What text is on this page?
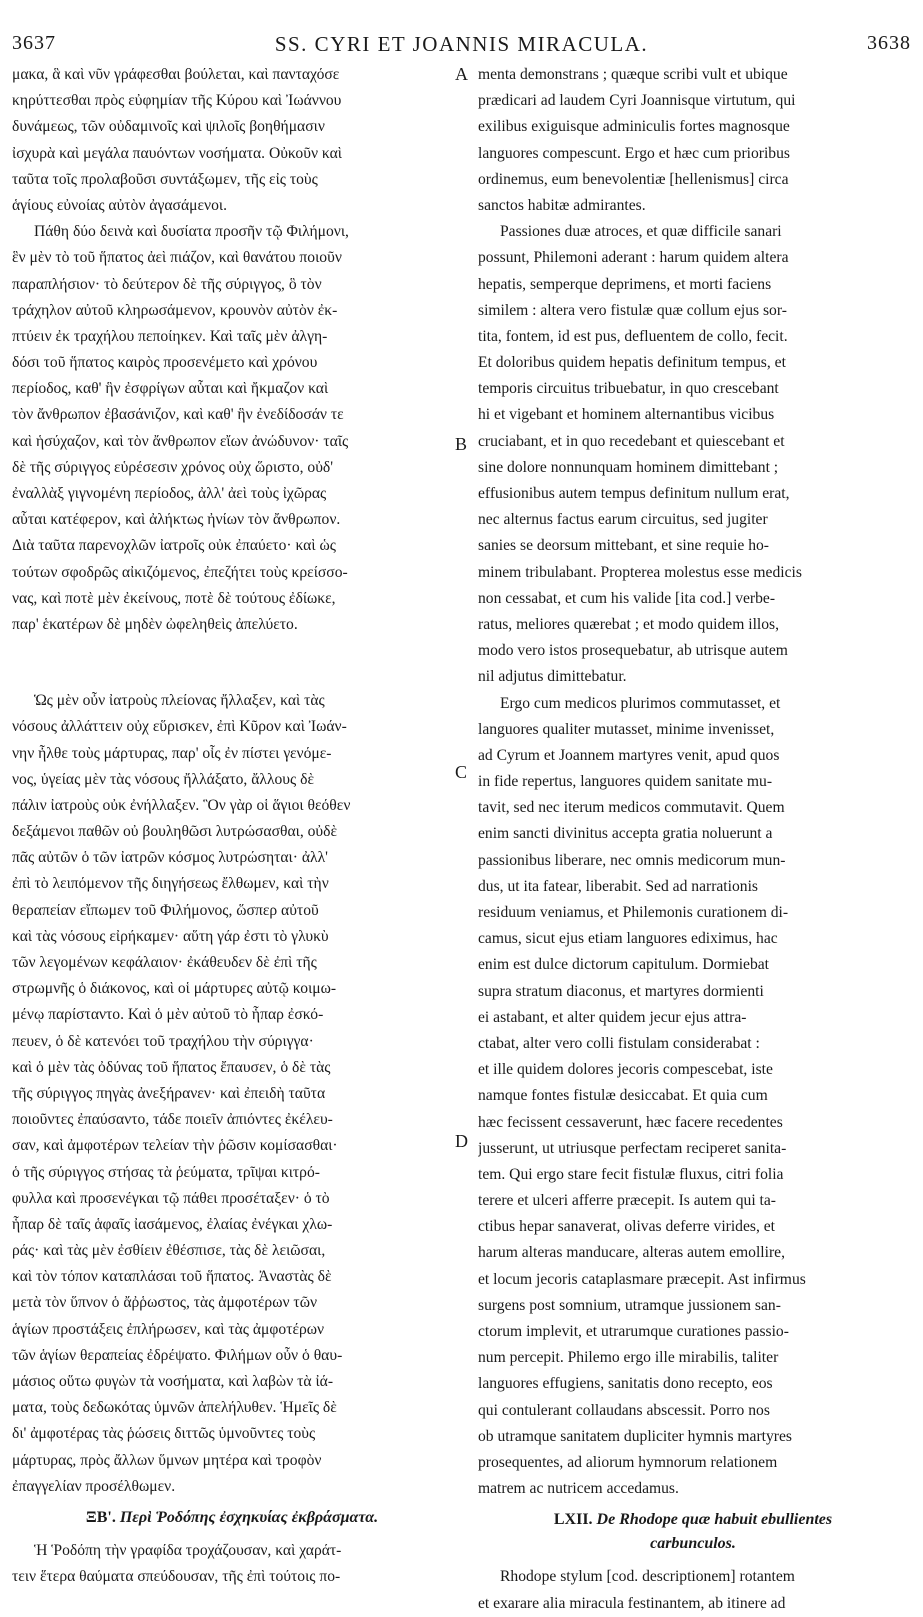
3637	SS. CYRI ET JOANNIS MIRACULA.	3638
μακα, ἃ καὶ νῦν γράφεσθαι βούλεται, καὶ πανταχόσε
κηρύττεσθαι πρὸς εὐφημίαν τῆς Κύρου καὶ Ἰωάννου
δυνάμεως, τῶν οὐδαμινοῖς καὶ ψιλοῖς βοηθήμασιν
ἰσχυρὰ καὶ μεγάλα παυόντων νοσήματα. Οὐκοῦν καὶ
ταῦτα τοῖς προλαβοῦσι συντάξωμεν, τῆς εἰς τοὺς
ἁγίους εὐνοίας αὐτὸν ἀγασάμενοι.
Πάθη δύο δεινὰ καὶ δυσίατα προσῆν τῷ Φιλήμονι,
ἓν μὲν τὸ τοῦ ἥπατος ἀεὶ πιάζον, καὶ θανάτου ποιοῦν
παραπλήσιον· τὸ δεύτερον δὲ τῆς σύριγγος, ὃ τὸν
τράχηλον αὐτοῦ κληρωσάμενον, κρουνὸν αὐτὸν ἐκ-
πτύειν ἐκ τραχήλου πεποίηκεν. Καὶ ταῖς μὲν ἀλγη-
δόσι τοῦ ἥπατος καιρὸς προσενέμετο καὶ χρόνου
περίοδος, καθ' ἣν ἐσφρίγων αὗται καὶ ἤκμαζον καὶ
τὸν ἄνθρωπον ἐβασάνιζον, καὶ καθ' ἣν ἐνεδίδοσάν τε
καὶ ἡσύχαζον, καὶ τὸν ἄνθρωπον εἴων ἀνώδυνον· ταῖς
δὲ τῆς σύριγγος εὑρέσεσιν χρόνος οὐχ ὥριστο, οὐδ'
ἐναλλὰξ γιγνομένη περίοδος, ἀλλ' ἀεὶ τοὺς ἰχῶρας
αὗται κατέφερον, καὶ ἀλήκτως ἠνίων τὸν ἄνθρωπον.
Διὰ ταῦτα παρενοχλῶν ἰατροῖς οὐκ ἐπαύετο· καὶ ὡς
τούτων σφοδρῶς αἰκιζόμενος, ἐπεζήτει τοὺς κρείσσο-
νας, καὶ ποτὲ μὲν ἐκείνους, ποτὲ δὲ τούτους ἐδίωκε,
παρ' ἑκατέρων δὲ μηδὲν ὠφεληθεὶς ἀπελύετο.
Ὡς μὲν οὖν ἰατροὺς πλείονας ἤλλαξεν, καὶ τὰς
νόσους ἀλλάττειν οὐχ εὕρισκεν, ἐπὶ Κῦρον καὶ Ἰωάν-
νην ἦλθε τοὺς μάρτυρας, παρ' οἷς ἐν πίστει γενόμε-
νος, ὑγείας μὲν τὰς νόσους ἤλλάξατο, ἄλλους δὲ
πάλιν ἰατροὺς οὐκ ἐνήλλαξεν. Ὃν γὰρ οἱ ἅγιοι θεόθεν
δεξάμενοι παθῶν οὐ βουληθῶσι λυτρώσασθαι, οὐδὲ
πᾶς αὐτῶν ὁ τῶν ἰατρῶν κόσμος λυτρώσηται· ἀλλ'
ἐπὶ τὸ λειπόμενον τῆς διηγήσεως ἔλθωμεν, καὶ τὴν
θεραπείαν εἴπωμεν τοῦ Φιλήμονος, ὥσπερ αὐτοῦ
καὶ τὰς νόσους εἰρήκαμεν· αὕτη γάρ ἐστι τὸ γλυκὺ
τῶν λεγομένων κεφάλαιον· ἐκάθευδεν δὲ ἐπὶ τῆς
στρωμνῆς ὁ διάκονος, καὶ οἱ μάρτυρες αὐτῷ κοιμω-
μένῳ παρίσταντο. Καὶ ὁ μὲν αὐτοῦ τὸ ἧπαρ ἐσκό-
πευεν, ὁ δὲ κατενόει τοῦ τραχήλου τὴν σύριγγα·
καὶ ὁ μὲν τὰς ὀδύνας τοῦ ἥπατος ἔπαυσεν, ὁ δὲ τὰς
τῆς σύριγγος πηγὰς ἀνεξήρανεν· καὶ ἐπειδὴ ταῦτα
ποιοῦντες ἐπαύσαντο, τάδε ποιεῖν ἀπιόντες ἐκέλευ-
σαν, καὶ ἀμφοτέρων τελείαν τὴν ῥῶσιν κομίσασθαι·
ὁ τῆς σύριγγος στήσας τὰ ῥεύματα, τρῖψαι κιτρό-
φυλλα καὶ προσενέγκαι τῷ πάθει προσέταξεν· ὁ τὸ
ἧπαρ δὲ ταῖς ἁφαῖς ἰασάμενος, ἐλαίας ἐνέγκαι χλω-
ράς· καὶ τὰς μὲν ἐσθίειν ἐθέσπισε, τὰς δὲ λειῶσαι,
καὶ τὸν τόπον καταπλάσαι τοῦ ἥπατος. Ἀναστὰς δὲ
μετὰ τὸν ὕπνον ὁ ἄῤῥωστος, τὰς ἀμφοτέρων τῶν
ἁγίων προστάξεις ἐπλήρωσεν, καὶ τὰς ἀμφοτέρων
τῶν ἁγίων θεραπείας ἐδρέψατο. Φιλήμων οὖν ὁ θαυ-
μάσιος οὕτω φυγὼν τὰ νοσήματα, καὶ λαβὼν τὰ ἰά-
ματα, τοὺς δεδωκότας ὑμνῶν ἀπελήλυθεν. Ἡμεῖς δὲ
δι' ἀμφοτέρας τὰς ῥώσεις διττῶς ὑμνοῦντες τοὺς
μάρτυρας, πρὸς ἄλλων ὕμνων μητέρα καὶ τροφὸν
ἐπαγγελίαν προσέλθωμεν.
ΞΒ'. Περὶ Ῥοδόπης ἐσχηκυίας ἐκβράσματα.
Ἡ Ῥοδόπη τὴν γραφίδα τροχάζουσαν, καὶ χαράτ-
τειν ἕτερα θαύματα σπεύδουσαν, τῆς ἐπὶ τούτοις πο-
menta demonstrans ; quæque scribi vult et ubique
prædicari ad laudem Cyri Joannisque virtutum, qui
exilibus exiguisque adminiculis fortes magnosque
languores compescunt. Ergo et hæc cum prioribus
ordinemus, eum benevolentiæ [hellenismus] circa
sanctos habitæ admirantes.
Passiones duæ atroces, et quæ difficile sanari
possunt, Philemoni aderant : harum quidem altera
hepatis, semperque deprimens, et morti faciens
similem : altera vero fistulæ quæ collum ejus sor-
tita, fontem, id est pus, defluentem de collo, fecit.
Et doloribus quidem hepatis definitum tempus, et
temporis circuitus tribuebatur, in quo crescebant
hi et vigebant et hominem alternantibus vicibus
cruciabant, et in quo recedebant et quiescebant et
sine dolore nonnunquam hominem dimittebant ;
effusionibus autem tempus definitum nullum erat,
nec alternus factus earum circuitus, sed jugiter
sanies se deorsum mittebant, et sine requie ho-
minem tribulabant. Propterea molestus esse medicis
non cessabat, et cum his valide [ita cod.] verbe-
ratus, meliores quærebat ; et modo quidem illos,
modo vero istos prosequebatur, ab utrisque autem
nil adjutus dimittebatur.
Ergo cum medicos plurimos commutasset, et
languores qualiter mutasset, minime invenisset,
ad Cyrum et Joannem martyres venit, apud quos
in fide repertus, languores quidem sanitate mu-
tavit, sed nec iterum medicos commutavit. Quem
enim sancti divinitus accepta gratia noluerunt a
passionibus liberare, nec omnis medicorum mun-
dus, ut ita fatear, liberabit. Sed ad narrationis
residuum veniamus, et Philemonis curationem di-
camus, sicut ejus etiam languores ediximus, hac
enim est dulce dictorum capitulum. Dormiebat
supra stratum diaconus, et martyres dormienti
ei astabant, et alter quidem jecur ejus attra-
ctabat, alter vero colli fistulam considerabat :
et ille quidem dolores jecoris compescebat, iste
namque fontes fistulæ desiccabat. Et quia cum
hæc fecissent cessaverunt, hæc facere recedentes
jusserunt, ut utriusque perfectam reciperet sanita-
tem. Qui ergo stare fecit fistulæ fluxus, citri folia
terere et ulceri afferre præcepit. Is autem qui ta-
ctibus hepar sanaverat, olivas deferre virides, et
harum alteras manducare, alteras autem emollire,
et locum jecoris cataplasmare præcepit. Ast infirmus
surgens post somnium, utramque jussionem san-
ctorum implevit, et utrarumque curationes passio-
num percepit. Philemo ergo ille mirabilis, taliter
languores effugiens, sanitatis dono recepto, eos
qui contulerant collaudans abscessit. Porro nos
ob utramque sanitatem dupliciter hymnis martyres
prosequentes, ad aliorum hymnorum relationem
matrem ac nutricem accedamus.
LXII. De Rhodope quæ habuit ebullientes
carbunculos.
Rhodope stylum [cod. descriptionem] rotantem
et exarare alia miracula festinantem, ab itinere ad
A
B
C
D
